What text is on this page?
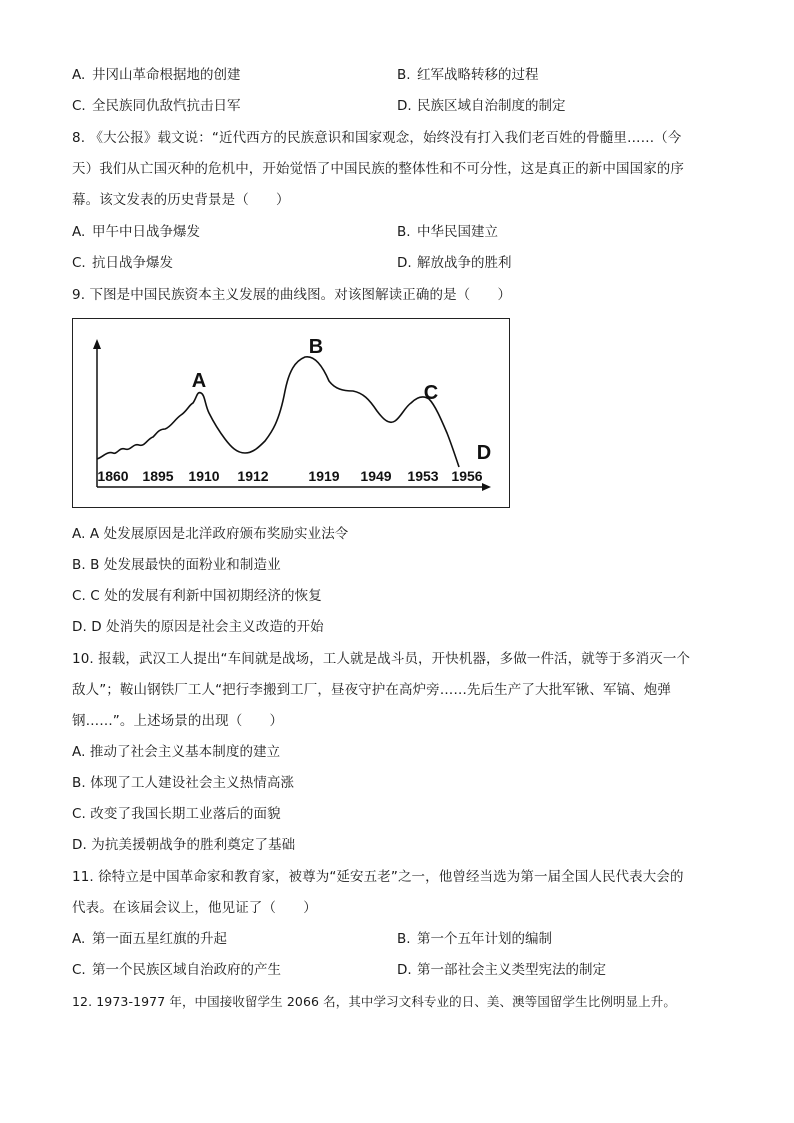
A. 井冈山革命根据地的创建	B. 红军战略转移的过程
C. 全民族同仇敌忾抗击日军	D. 民族区域自治制度的制定
8. 《大公报》载文说：“近代西方的民族意识和国家观念，始终没有打入我们老百姓的骨髓里……（今
天）我们从亡国灭种的危机中，开始觉悟了中国民族的整体性和不可分性，这是真正的新中国国家的序
幕。该文发表的历史背景是（　　）
A. 甲午中日战争爆发	B. 中华民国建立
C. 抗日战争爆发	D. 解放战争的胜利
9. 下图是中国民族资本主义发展的曲线图。对该图解读正确的是（　　）
1860 1895 1910 1912	1919 1949 1953 1956
A
B
C
D
A. A 处发展原因是北洋政府颁布奖励实业法令
B. B 处发展最快的面粉业和制造业
C. C 处的发展有利新中国初期经济的恢复
D. D 处消失的原因是社会主义改造的开始
10. 报载，武汉工人提出“车间就是战场，工人就是战斗员，开快机器，多做一件活，就等于多消灭一个
敌人”；鞍山钢铁厂工人“把行李搬到工厂，昼夜守护在高炉旁……先后生产了大批军锹、军镐、炮弹
钢……”。上述场景的出现（　　）
A. 推动了社会主义基本制度的建立
B. 体现了工人建设社会主义热情高涨
C. 改变了我国长期工业落后的面貌
D. 为抗美援朝战争的胜利奠定了基础
11. 徐特立是中国革命家和教育家，被尊为“延安五老”之一，他曾经当选为第一届全国人民代表大会的
代表。在该届会议上，他见证了（　　）
A. 第一面五星红旗的升起	B. 第一个五年计划的编制
C. 第一个民族区域自治政府的产生	D. 第一部社会主义类型宪法的制定
12. 1973-1977 年，中国接收留学生 2066 名，其中学习文科专业的日、美、澳等国留学生比例明显上升。
